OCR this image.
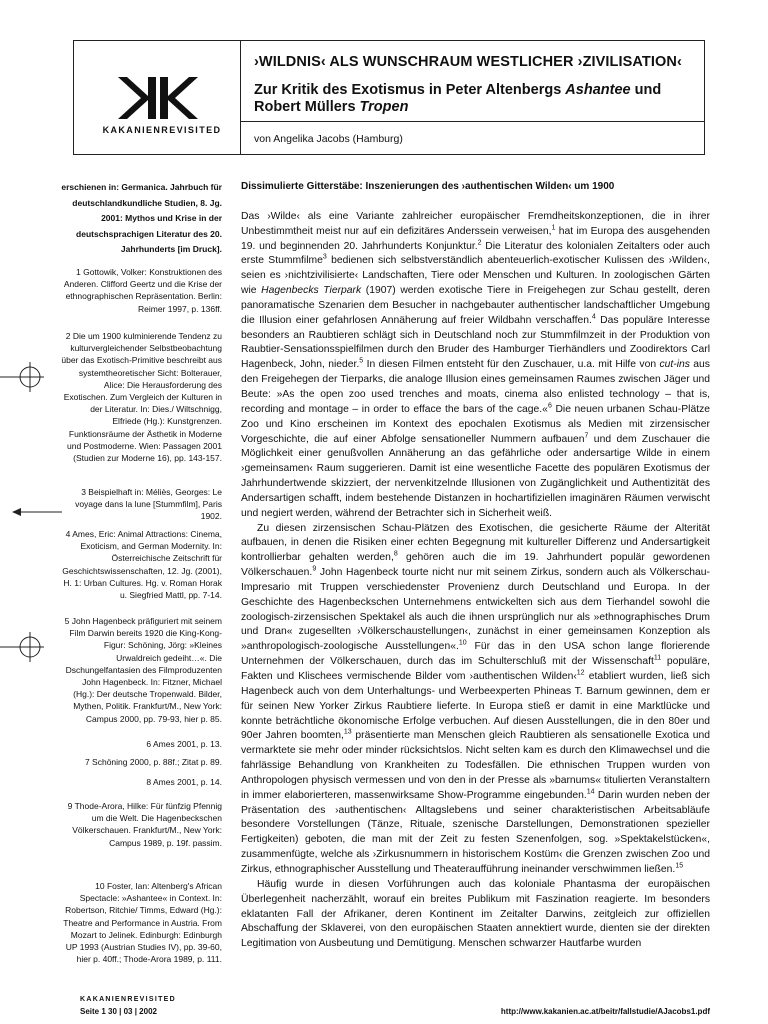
KAKANIENREVISITED
›WILDNIS‹ ALS WUNSCHRAUM WESTLICHER ›ZIVILISATION‹
Zur Kritik des Exotismus in Peter Altenbergs Ashantee und Robert Müllers Tropen
von Angelika Jacobs (Hamburg)

erschienen in: Germanica. Jahrbuch für deutschlandkundliche Studien, 8. Jg. 2001: Mythos und Krise in der deutschsprachigen Literatur des 20. Jahrhunderts [im Druck].

1 Gottowik, Volker: Konstruktionen des Anderen. Clifford Geertz und die Krise der ethnographischen Repräsentation. Berlin: Reimer 1997, p. 136ff.

2 Die um 1900 kulminierende Tendenz zu kulturvergleichender Selbstbeobachtung über das Exotisch-Primitive beschreibt aus systemtheoretischer Sicht: Bolterauer, Alice: Die Herausforderung des Exotischen. Zum Vergleich der Kulturen in der Literatur. In: Dies./ Wiltschnigg, Elfriede (Hg.): Kunstgrenzen. Funktionsräume der Ästhetik in Moderne und Postmoderne. Wien: Passagen 2001 (Studien zur Moderne 16), pp. 143-157.

3 Beispielhaft in: Méliès, Georges: Le voyage dans la lune [Stummfilm], Paris 1902.

4 Ames, Eric: Animal Attractions: Cinema, Exoticism, and German Modernity. In: Österreichische Zeitschrift für Geschichtswissenschaften, 12. Jg. (2001), H. 1: Urban Cultures. Hg. v. Roman Horak u. Siegfried Mattl, pp. 7-14.

5 John Hagenbeck präfiguriert mit seinem Film Darwin bereits 1920 die King-Kong-Figur: Schöning, Jörg: »Kleines Urwaldreich gedeiht…«. Die Dschungelfantasien des Filmproduzenten John Hagenbeck. In: Fitzner, Michael (Hg.): Der deutsche Tropenwald. Bilder, Mythen, Politik. Frankfurt/M., New York: Campus 2000, pp. 79-93, hier p. 85.

6 Ames 2001, p. 13.

7 Schöning 2000, p. 88f.; Zitat p. 89.

8 Ames 2001, p. 14.

9 Thode-Arora, Hilke: Für fünfzig Pfennig um die Welt. Die Hagenbeckschen Völkerschauen. Frankfurt/M., New York: Campus 1989, p. 19f. passim.

10 Foster, Ian: Altenberg's African Spectacle: »Ashantee« in Context. In: Robertson, Ritchie/ Timms, Edward (Hg.): Theatre and Performance in Austria. From Mozart to Jelinek. Edinburgh: Edinburgh UP 1993 (Austrian Studies IV), pp. 39-60, hier p. 40ff.; Thode-Arora 1989, p. 111.

Dissimulierte Gitterstäbe: Inszenierungen des ›authentischen Wilden‹ um 1900

Das ›Wilde‹ als eine Variante zahlreicher europäischer Fremdheitskonzeptionen, die in ihrer Unbestimmtheit meist nur auf ein defizitäres Anderssein verweisen,$^1$ hat im Europa des ausgehenden 19. und beginnenden 20. Jahrhunderts Konjunktur.$^2$ Die Literatur des kolonialen Zeitalters oder auch erste Stummfilme$^3$ bedienen sich selbstverständlich abenteuerlich-exotischer Kulissen des ›Wilden‹, seien es ›nichtzivilisierte‹ Landschaften, Tiere oder Menschen und Kulturen. In zoologischen Gärten wie Hagenbecks Tierpark (1907) werden exotische Tiere in Freigehegen zur Schau gestellt, deren panoramatische Szenarien dem Besucher in nachgebauter authentischer landschaftlicher Umgebung die Illusion einer gefahrlosen Annäherung auf freier Wildbahn verschaffen.$^4$ Das populäre Interesse besonders an Raubtieren schlägt sich in Deutschland noch zur Stummfilmzeit in der Produktion von Raubtier-Sensationsspielfilmen durch den Bruder des Hamburger Tierhändlers und Zoodirektors Carl Hagenbeck, John, nieder.$^5$ In diesen Filmen entsteht für den Zuschauer, u.a. mit Hilfe von cut-ins aus den Freigehegen der Tierparks, die analoge Illusion eines gemeinsamen Raumes zwischen Jäger und Beute: »As the open zoo used trenches and moats, cinema also enlisted technology – that is, recording and montage – in order to efface the bars of the cage.«$^6$ Die neuen urbanen Schau-Plätze Zoo und Kino erscheinen im Kontext des epochalen Exotismus als Medien mit zirzensischer Vorgeschichte, die auf einer Abfolge sensationeller Nummern aufbauen$^7$ und dem Zuschauer die Möglichkeit einer genußvollen Annäherung an das gefährliche oder andersartige Wilde in einem ›gemeinsamen‹ Raum suggerieren. Damit ist eine wesentliche Facette des populären Exotismus der Jahrhundertwende skizziert, der nervenkitzelnde Illusionen von Zugänglichkeit und Authentizität des Andersartigen schafft, indem bestehende Distanzen in hochartifiziellen imaginären Räumen verwischt und negiert werden, während der Betrachter sich in Sicherheit weiß.

Zu diesen zirzensischen Schau-Plätzen des Exotischen, die gesicherte Räume der Alterität aufbauen, in denen die Risiken einer echten Begegnung mit kultureller Differenz und Andersartigkeit kontrollierbar gehalten werden,$^8$ gehören auch die im 19. Jahrhundert populär gewordenen Völkerschauen.$^9$ John Hagenbeck tourte nicht nur mit seinem Zirkus, sondern auch als Völkerschau-Impresario mit Truppen verschiedenster Provenienz durch Deutschland und Europa. In der Geschichte des Hagenbeckschen Unternehmens entwickelten sich aus dem Tierhandel sowohl die zoologisch-zirzensischen Spektakel als auch die ihnen ursprünglich nur als »ethnographisches Drum und Dran« zugesellten ›Völkerschaustellungen‹, zunächst in einer gemeinsamen Konzeption als »anthropologisch-zoologische Ausstellungen«.$^{10}$ Für das in den USA schon lange florierende Unternehmen der Völkerschauen, durch das im Schulterschluß mit der Wissenschaft$^{11}$ populäre, Fakten und Klischees vermischende Bilder vom ›authentischen Wilden‹$^{12}$ etabliert wurden, ließ sich Hagenbeck auch von dem Unterhaltungs- und Werbeexperten Phineas T. Barnum gewinnen, dem er für seinen New Yorker Zirkus Raubtiere lieferte. In Europa stieß er damit in eine Marktlücke und konnte beträchtliche ökonomische Erfolge verbuchen. Auf diesen Ausstellungen, die in den 80er und 90er Jahren boomten,$^{13}$ präsentierte man Menschen gleich Raubtieren als sensationelle Exotica und vermarktete sie mehr oder minder rücksichtslos. Nicht selten kam es durch den Klimawechsel und die fahrlässige Behandlung von Krankheiten zu Todesfällen. Die ethnischen Truppen wurden von Anthropologen physisch vermessen und von den in der Presse als »barnums« titulierten Veranstaltern in immer elaborierteren, massenwirksame Show-Programme eingebunden.$^{14}$ Darin wurden neben der Präsentation des ›authentischen‹ Alltagslebens und seiner charakteristischen Arbeitsabläufe besondere Vorstellungen (Tänze, Rituale, szenische Darstellungen, Demonstrationen spezieller Fertigkeiten) geboten, die man mit der Zeit zu festen Szenenfolgen, sog. »Spektakelstücken«, zusammenfügte, welche als ›Zirkusnummern in historischem Kostüm‹ die Grenzen zwischen Zoo und Zirkus, ethnographischer Ausstellung und Theateraufführung ineinander verschwimmen ließen.$^{15}$

Häufig wurde in diesen Vorführungen auch das koloniale Phantasma der europäischen Überlegenheit nacherzählt, worauf ein breites Publikum mit Faszination reagierte. Im besonders eklatanten Fall der Afrikaner, deren Kontinent im Zeitalter Darwins, zeitgleich zur offiziellen Abschaffung der Sklaverei, von den europäischen Staaten annektiert wurde, dienten sie der direkten Legitimation von Ausbeutung und Demütigung. Menschen schwarzer Hautfarbe wurden

KAKANIENREVISITED
Seite 1 30 | 03 | 2002	http://www.kakanien.ac.at/beitr/fallstudie/AJacobs1.pdf
